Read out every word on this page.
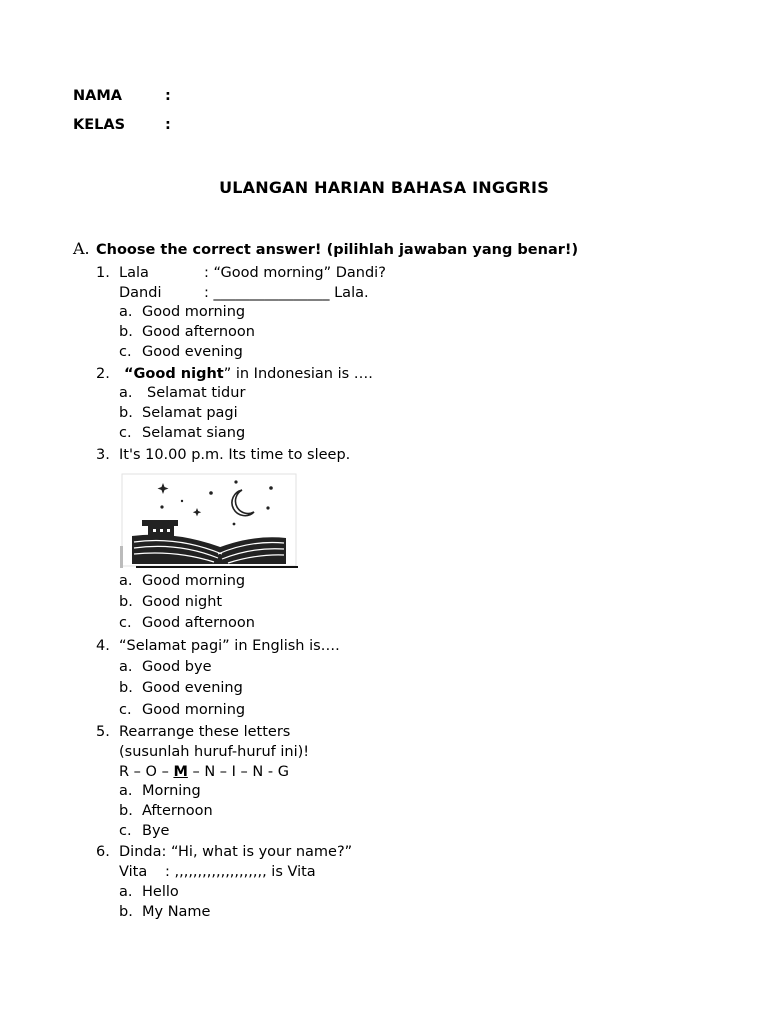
NAMA	:
KELAS	:
ULANGAN HARIAN BAHASA INGGRIS
A. Choose the correct answer! (pilihlah jawaban yang benar!)
1. Lala	: “Good morning” Dandi?
Dandi	: ________________ Lala.
a. Good morning
b. Good afternoon
c. Good evening
2. “Good night” in Indonesian is ….
a. Selamat tidur
b. Selamat pagi
c. Selamat siang
3. It's 10.00 p.m. Its time to sleep.
a. Good morning
b. Good night
c. Good afternoon
4. “Selamat pagi” in English is….
a. Good bye
b. Good evening
c. Good morning
5. Rearrange these letters
(susunlah huruf-huruf ini)!
R – O – M – N – I – N - G
a. Morning
b. Afternoon
c. Bye
6. Dinda: “Hi, what is your name?”
Vita : ,,,,,,,,,,,,,,,,,,,, is Vita
a. Hello
b. My Name
